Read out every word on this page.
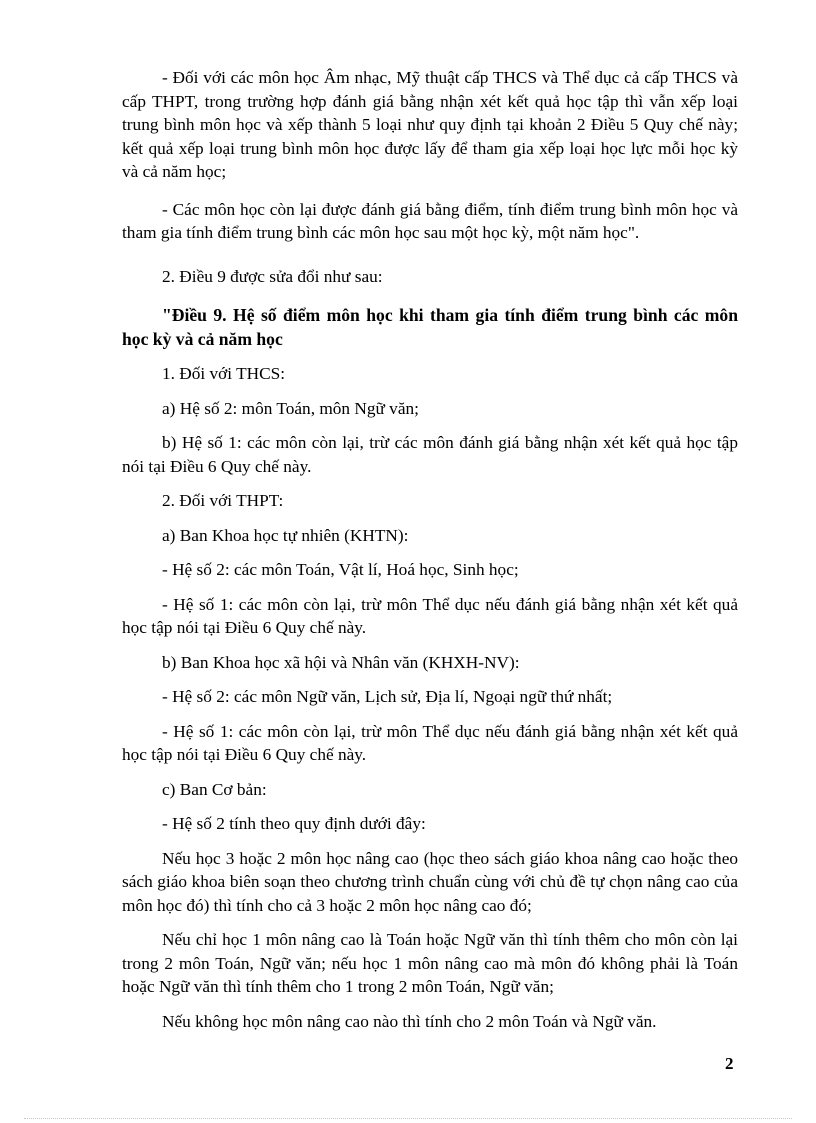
- Đối với các môn học Âm nhạc, Mỹ thuật cấp THCS và Thể dục cả cấp THCS và cấp THPT, trong trường hợp đánh giá bằng nhận xét kết quả học tập thì vẫn xếp loại trung bình môn học và xếp thành 5 loại như quy định tại khoản 2 Điều 5 Quy chế này; kết quả xếp loại trung bình môn học được lấy để tham gia xếp loại học lực mỗi học kỳ và cả năm học;

- Các môn học còn lại được đánh giá bằng điểm, tính điểm trung bình môn học và tham gia tính điểm trung bình các môn học sau một học kỳ, một năm học".

2. Điều 9 được sửa đổi như sau:

"Điều 9. Hệ số điểm môn học khi tham gia tính điểm trung bình các môn học kỳ và cả năm học

1. Đối với THCS:

a) Hệ số 2: môn Toán, môn Ngữ văn;

b) Hệ số 1: các môn còn lại, trừ các môn đánh giá bằng nhận xét kết quả học tập nói tại Điều 6 Quy chế này.

2. Đối với THPT:

a) Ban Khoa học tự nhiên (KHTN):

- Hệ số 2: các môn Toán, Vật lí, Hoá học, Sinh học;

- Hệ số 1: các môn còn lại, trừ môn Thể dục nếu đánh giá bằng nhận xét kết quả học tập nói tại Điều 6 Quy chế này.

b) Ban Khoa học xã hội và Nhân văn (KHXH-NV):

- Hệ số 2: các môn Ngữ văn, Lịch sử, Địa lí, Ngoại ngữ thứ nhất;

- Hệ số 1: các môn còn lại, trừ môn Thể dục nếu đánh giá bằng nhận xét kết quả học tập nói tại Điều 6 Quy chế này.

c) Ban Cơ bản:

- Hệ số 2 tính theo quy định dưới đây:

Nếu học 3 hoặc 2 môn học nâng cao (học theo sách giáo khoa nâng cao hoặc theo sách giáo khoa biên soạn theo chương trình chuẩn cùng với chủ đề tự chọn nâng cao của môn học đó) thì tính cho cả 3 hoặc 2 môn học nâng cao đó;

Nếu chỉ học 1 môn nâng cao là Toán hoặc Ngữ văn thì tính thêm cho môn còn lại trong 2 môn Toán, Ngữ văn; nếu học 1 môn nâng cao mà môn đó không phải là Toán hoặc Ngữ văn thì tính thêm cho 1 trong 2 môn Toán, Ngữ văn;

Nếu không học môn nâng cao nào thì tính cho 2 môn Toán và Ngữ văn.

2
